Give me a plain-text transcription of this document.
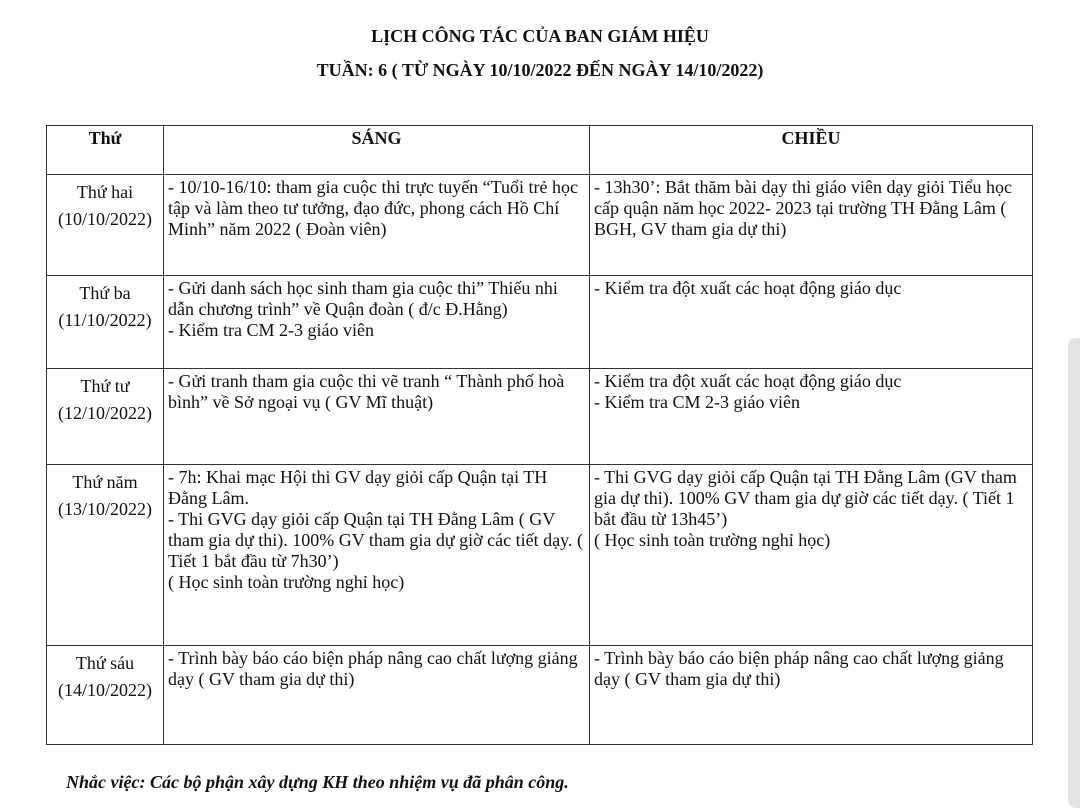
LỊCH CÔNG TÁC CỦA BAN GIÁM HIỆU
TUẦN: 6 ( TỪ NGÀY 10/10/2022 ĐẾN NGÀY 14/10/2022)
Thứ	SÁNG	CHIỀU

Thứ hai
(10/10/2022)	- 10/10-16/10: tham gia cuộc thi trực tuyến “Tuổi trẻ học tập và làm theo tư tưởng, đạo đức, phong cách Hồ Chí Minh” năm 2022 ( Đoàn viên)	- 13h30’: Bắt thăm bài dạy thi giáo viên dạy giỏi Tiểu học cấp quận năm học 2022- 2023 tại trường TH Đằng Lâm ( BGH, GV tham gia dự thi)

Thứ ba
(11/10/2022)	- Gửi danh sách học sinh tham gia cuộc thi” Thiếu nhi dẫn chương trình” về Quận đoàn ( đ/c Đ.Hằng)
- Kiểm tra CM 2-3 giáo viên	- Kiểm tra đột xuất các hoạt động giáo dục

Thứ tư
(12/10/2022)	- Gửi tranh tham gia cuộc thi vẽ tranh “ Thành phố hoà bình” về Sở ngoại vụ ( GV Mĩ thuật)	- Kiểm tra đột xuất các hoạt động giáo dục
- Kiểm tra CM 2-3 giáo viên

Thứ năm
(13/10/2022)	- 7h: Khai mạc Hội thi GV dạy giỏi cấp Quận tại TH Đằng Lâm.
- Thi GVG dạy giỏi cấp Quận tại TH Đằng Lâm ( GV tham gia dự thi). 100% GV tham gia dự giờ các tiết dạy. ( Tiết 1 bắt đầu từ 7h30’)
( Học sinh toàn trường nghỉ học)	- Thi GVG dạy giỏi cấp Quận tại TH Đằng Lâm (GV tham gia dự thi). 100% GV tham gia dự giờ các tiết dạy. ( Tiết 1 bắt đầu từ 13h45’)
( Học sinh toàn trường nghỉ học)

Thứ sáu
(14/10/2022)	- Trình bày báo cáo biện pháp nâng cao chất lượng giảng dạy ( GV tham gia dự thi)	- Trình bày báo cáo biện pháp nâng cao chất lượng giảng dạy ( GV tham gia dự thi)
Nhắc việc: Các bộ phận xây dựng KH theo nhiệm vụ đã phân công.
